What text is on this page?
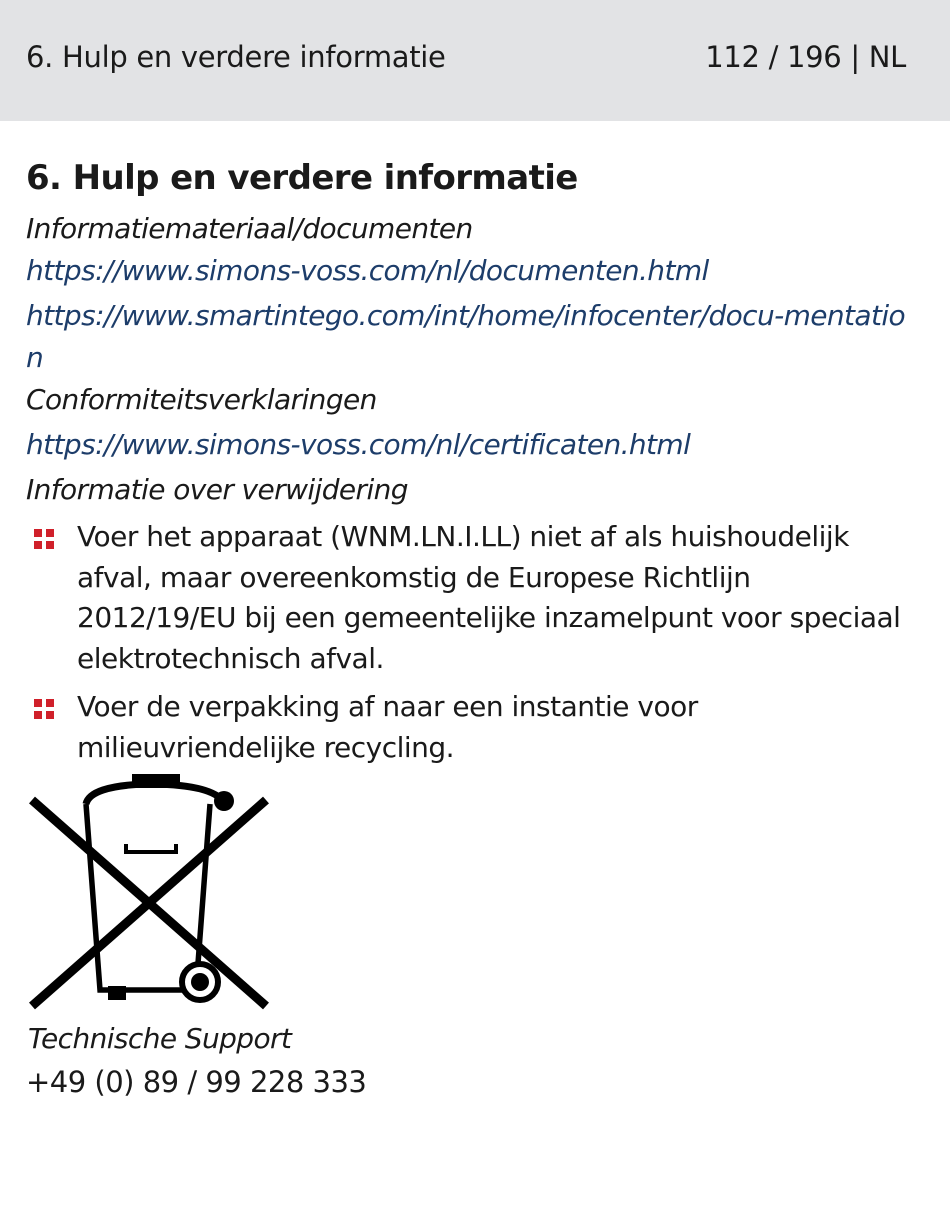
6. Hulp en verdere informatie	112 / 196 | NL
6. Hulp en verdere informatie

Informatiemateriaal/documenten

https://www.simons-voss.com/nl/documenten.html
https://www.smartintego.com/int/home/infocenter/docu-mentation

Conformiteitsverklaringen

https://www.simons-voss.com/nl/certificaten.html

Informatie over verwijdering

Voer het apparaat (WNM.LN.I.LL) niet af als huishoudelijk afval, maar overeenkomstig de Europese Richtlijn 2012/19/EU bij een gemeentelijke inzamelpunt voor speciaal elektrotechnisch afval.
Voer de verpakking af naar een instantie voor milieuvriendelijke recycling.
Technische Support
+49 (0) 89 / 99 228 333
